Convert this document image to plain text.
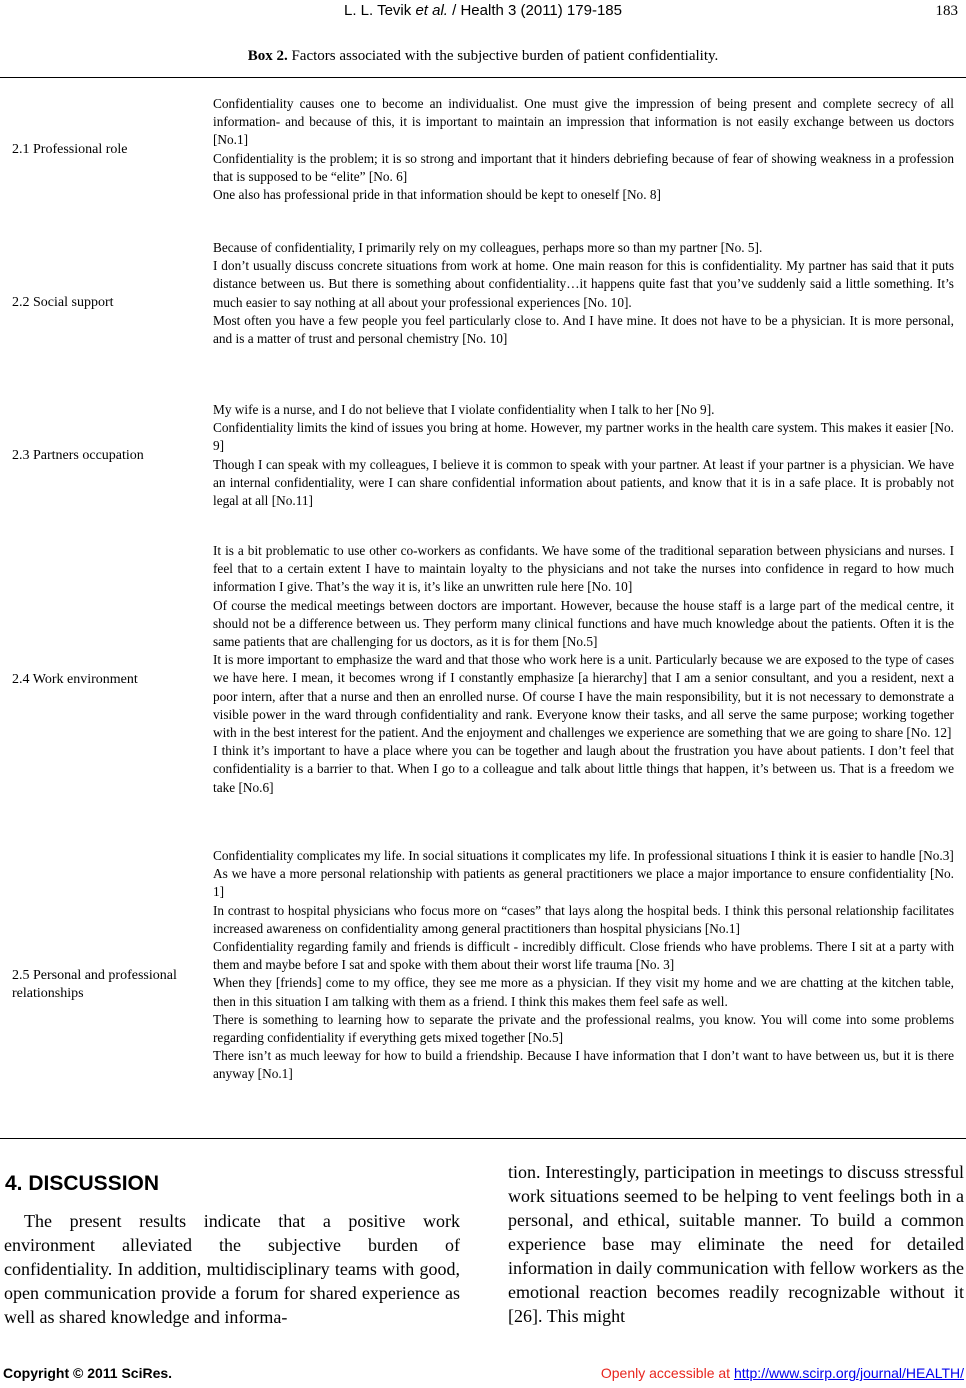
L. L. Tevik et al. / Health 3 (2011) 179-185	183
Box 2. Factors associated with the subjective burden of patient confidentiality.
2.1 Professional role

Confidentiality causes one to become an individualist. One must give the impression of being present and complete secrecy of all information- and because of this, it is important to maintain an impression that information is not easily exchange between us doctors [No.1]

Confidentiality is the problem; it is so strong and important that it hinders debriefing because of fear of showing weakness in a profession that is supposed to be “elite” [No. 6]

One also has professional pride in that information should be kept to oneself [No. 8]

2.2 Social support

Because of confidentiality, I primarily rely on my colleagues, perhaps more so than my partner [No. 5].

I don’t usually discuss concrete situations from work at home. One main reason for this is confidentiality. My partner has said that it puts distance between us. But there is something about confidentiality…it happens quite fast that you’ve suddenly said a little something. It’s much easier to say nothing at all about your professional experiences [No. 10].

Most often you have a few people you feel particularly close to. And I have mine. It does not have to be a physician. It is more personal, and is a matter of trust and personal chemistry [No. 10]

2.3 Partners occupation

My wife is a nurse, and I do not believe that I violate confidentiality when I talk to her [No 9].

Confidentiality limits the kind of issues you bring at home. However, my partner works in the health care system. This makes it easier [No. 9]

Though I can speak with my colleagues, I believe it is common to speak with your partner. At least if your partner is a physician. We have an internal confidentiality, were I can share confidential information about patients, and know that it is in a safe place. It is probably not legal at all [No.11]

2.4 Work environment

It is a bit problematic to use other co-workers as confidants. We have some of the traditional separation between physicians and nurses. I feel that to a certain extent I have to maintain loyalty to the physicians and not take the nurses into confidence in regard to how much information I give. That’s the way it is, it’s like an unwritten rule here [No. 10]

Of course the medical meetings between doctors are important. However, because the house staff is a large part of the medical centre, it should not be a difference between us. They perform many clinical functions and have much knowledge about the patients. Often it is the same patients that are challenging for us doctors, as it is for them [No.5]

It is more important to emphasize the ward and that those who work here is a unit. Particularly because we are exposed to the type of cases we have here. I mean, it becomes wrong if I constantly emphasize [a hierarchy] that I am a senior consultant, and you a resident, next a poor intern, after that a nurse and then an enrolled nurse. Of course I have the main responsibility, but it is not necessary to demonstrate a visible power in the ward through confidentiality and rank. Everyone know their tasks, and all serve the same purpose; working together with in the best interest for the patient. And the enjoyment and challenges we experience are something that we are going to share [No. 12]

I think it’s important to have a place where you can be together and laugh about the frustration you have about patients. I don’t feel that confidentiality is a barrier to that. When I go to a colleague and talk about little things that happen, it’s between us. That is a freedom we take [No.6]

2.5 Personal and professional relationships

Confidentiality complicates my life. In social situations it complicates my life. In professional situations I think it is easier to handle [No.3]

As we have a more personal relationship with patients as general practitioners we place a major importance to ensure confidentiality [No. 1]

In contrast to hospital physicians who focus more on “cases” that lays along the hospital beds. I think this personal relationship facilitates increased awareness on confidentiality among general practitioners than hospital physicians [No.1]

Confidentiality regarding family and friends is difficult - incredibly difficult. Close friends who have problems. There I sit at a party with them and maybe before I sat and spoke with them about their worst life trauma [No. 3]

When they [friends] come to my office, they see me more as a physician. If they visit my home and we are chatting at the kitchen table, then in this situation I am talking with them as a friend. I think this makes them feel safe as well.

There is something to learning how to separate the private and the professional realms, you know. You will come into some problems regarding confidentiality if everything gets mixed together [No.5]

There isn’t as much leeway for how to build a friendship. Because I have information that I don’t want to have between us, but it is there anyway [No.1]

4. DISCUSSION

The present results indicate that a positive work environment alleviated the subjective burden of confidentiality. In addition, multidisciplinary teams with good, open communication provide a forum for shared experience as well as shared knowledge and informa-

tion. Interestingly, participation in meetings to discuss stressful work situations seemed to be helping to vent feelings both in a personal, and ethical, suitable manner. To build a common experience base may eliminate the need for detailed information in daily communication with fellow workers as the emotional reaction becomes readily recognizable without it [26]. This might

Copyright © 2011 SciRes.	Openly accessible at http://www.scirp.org/journal/HEALTH/
